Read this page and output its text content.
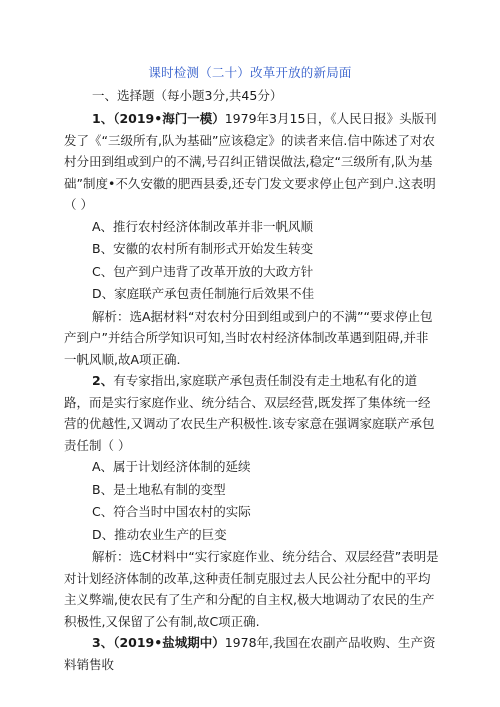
课时检测（二十）改革开放的新局面
一、选择题（每小题3分,共45分）

1、（2019•海门一模）1979年3月15日，《人民日报》头版刊发了《“三级所有,队为基础”应该稳定》的读者来信.信中陈述了对农村分田到组或到户的不满,号召纠正错误做法,稳定“三级所有,队为基础”制度•不久安徽的肥西县委,还专门发文要求停止包产到户.这表明（ ）

A、推行农村经济体制改革并非一帆风顺

B、安徽的农村所有制形式开始发生转变

C、包产到户违背了改革开放的大政方针

D、家庭联产承包责任制施行后效果不佳

解析：选A据材料“对农村分田到组或到户的不满”“要求停止包产到户”并结合所学知识可知,当时农村经济体制改革遇到阻碍,并非一帆风顺,故A项正确.

2、有专家指出,家庭联产承包责任制没有走土地私有化的道路，而是实行家庭作业、统分结合、双层经营,既发挥了集体统一经营的优越性,又调动了农民生产积极性.该专家意在强调家庭联产承包责任制（ ）

A、属于计划经济体制的延续

B、是土地私有制的变型

C、符合当时中国农村的实际

D、推动农业生产的巨变

解析：选C材料中“实行家庭作业、统分结合、双层经营”表明是对计划经济体制的改革,这种责任制克服过去人民公社分配中的平均主义弊端,使农民有了生产和分配的自主权,极大地调动了农民的生产积极性,又保留了公有制,故C项正确.

3、（2019•盐城期中）1978年,我国在农副产品收购、生产资料销售收
